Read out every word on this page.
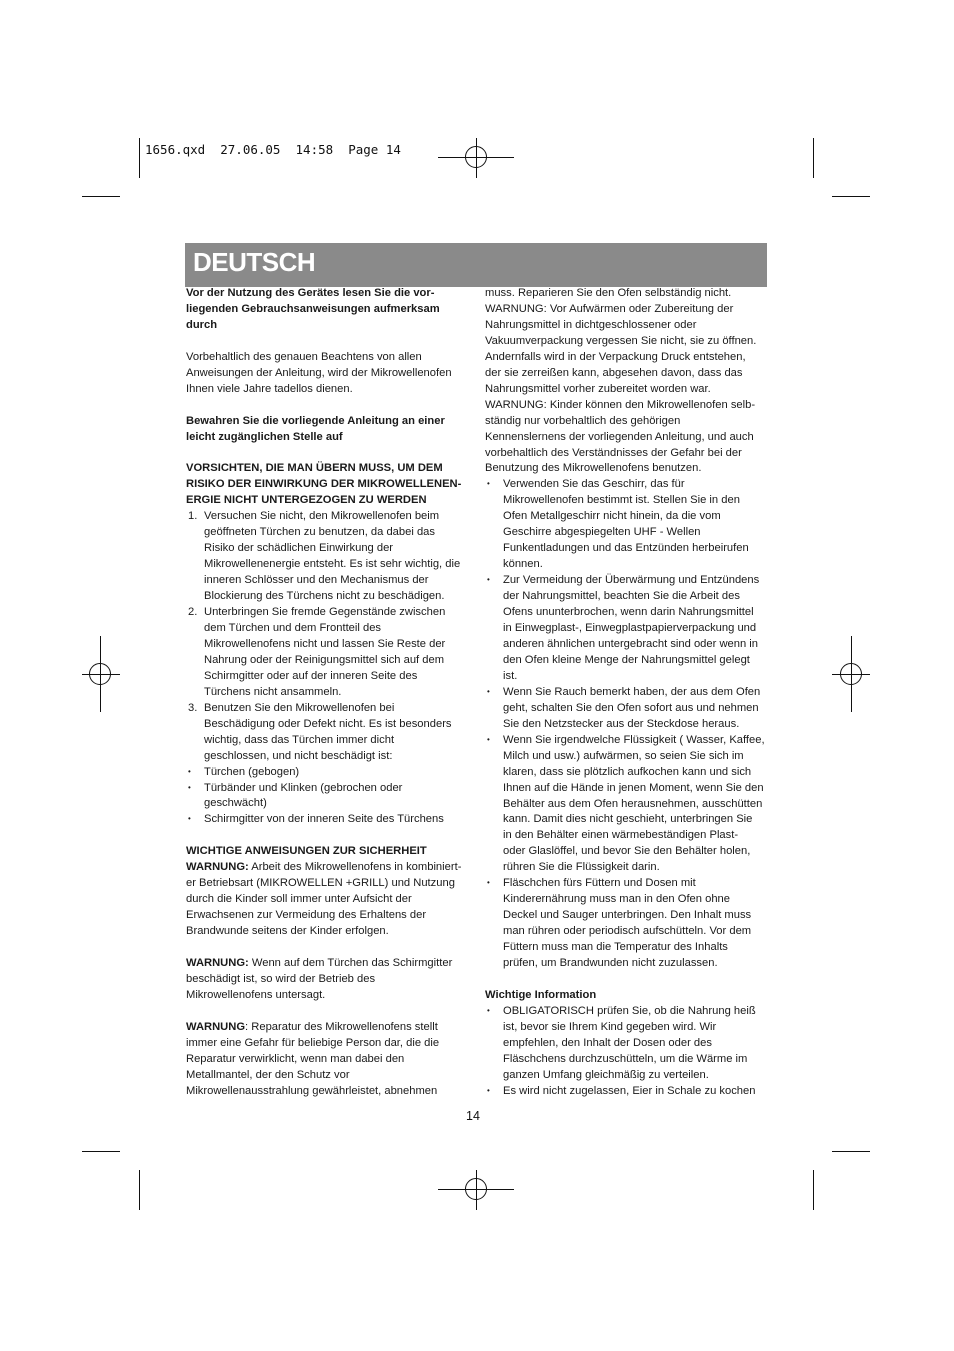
1656.qxd  27.06.05  14:58  Page 14
DEUTSCH

Vor der Nutzung des Gerätes lesen Sie die vor-

liegenden Gebrauchsanweisungen aufmerksam

durch

Vorbehaltlich des genauen Beachtens von allen

Anweisungen der Anleitung, wird der Mikrowellenofen

Ihnen viele Jahre tadellos dienen.

Bewahren Sie die vorliegende Anleitung an einer

leicht zugänglichen Stelle auf

VORSICHTEN, DIE MAN ÜBERN MUSS, UM DEM

RISIKO DER EINWIRKUNG DER MIKROWELLENEN-

ERGIE NICHT UNTERGEZOGEN ZU WERDEN

1. Versuchen Sie nicht, den Mikrowellenofen beim

geöffneten Türchen zu benutzen, da dabei das

Risiko der schädlichen Einwirkung der

Mikrowellenenergie entsteht. Es ist sehr wichtig, die

inneren Schlösser und den Mechanismus der

Blockierung des Türchens nicht zu beschädigen.

2. Unterbringen Sie fremde Gegenstände zwischen

dem Türchen und dem Frontteil des

Mikrowellenofens nicht und lassen Sie Reste der

Nahrung oder der Reinigungsmittel sich auf dem

Schirmgitter oder auf der inneren Seite des

Türchens nicht ansammeln.

3. Benutzen Sie den Mikrowellenofen bei

Beschädigung oder Defekt nicht. Es ist besonders

wichtig, dass das Türchen immer dicht

geschlossen, und nicht beschädigt ist:

• Türchen (gebogen)

• Türbänder und Klinken (gebrochen oder

geschwächt)

• Schirmgitter von der inneren Seite des Türchens

WICHTIGE ANWEISUNGEN ZUR SICHERHEIT

WARNUNG: Arbeit des Mikrowellenofens in kombiniert-

er Betriebsart (MIKROWELLEN +GRILL) und Nutzung

durch die Kinder soll immer unter Aufsicht der

Erwachsenen zur Vermeidung des Erhaltens der

Brandwunde seitens der Kinder erfolgen.

WARNUNG: Wenn auf dem Türchen das Schirmgitter

beschädigt ist, so wird der Betrieb des

Mikrowellenofens untersagt.

WARNUNG: Reparatur des Mikrowellenofens stellt

immer eine Gefahr für beliebige Person dar, die die

Reparatur verwirklicht, wenn man dabei den

Metallmantel, der den Schutz vor

Mikrowellenausstrahlung gewährleistet, abnehmen

muss. Reparieren Sie den Ofen selbständig nicht.

WARNUNG: Vor Aufwärmen oder Zubereitung der

Nahrungsmittel in dichtgeschlossener oder

Vakuumverpackung vergessen Sie nicht, sie zu öffnen.

Andernfalls wird in der Verpackung Druck entstehen,

der sie zerreißen kann, abgesehen davon, dass das

Nahrungsmittel vorher zubereitet worden war.

WARNUNG: Kinder können den Mikrowellenofen selb-

ständig nur vorbehaltlich des gehörigen

Kennenslernens der vorliegenden Anleitung, und auch

vorbehaltlich des Verständnisses der Gefahr bei der

Benutzung des Mikrowellenofens benutzen.

• Verwenden Sie das Geschirr, das für

Mikrowellenofen bestimmt ist. Stellen Sie in den

Ofen Metallgeschirr nicht hinein, da die vom

Geschirre abgespiegelten UHF - Wellen

Funkentladungen und das Entzünden herbeirufen

können.

• Zur Vermeidung der Überwärmung und Entzündens

der Nahrungsmittel, beachten Sie die Arbeit des

Ofens ununterbrochen, wenn darin Nahrungsmittel

in Einwegplast-, Einwegplastpapierverpackung und

anderen ähnlichen untergebracht sind oder wenn in

den Ofen kleine Menge der Nahrungsmittel gelegt

ist.

• Wenn Sie Rauch bemerkt haben, der aus dem Ofen

geht, schalten Sie den Ofen sofort aus und nehmen

Sie den Netzstecker aus der Steckdose heraus.

• Wenn Sie irgendwelche Flüssigkeit ( Wasser, Kaffee,

Milch und usw.) aufwärmen, so seien Sie sich im

klaren, dass sie plötzlich aufkochen kann und sich

Ihnen auf die Hände in jenen Moment, wenn Sie den

Behälter aus dem Ofen herausnehmen, ausschütten

kann. Damit dies nicht geschieht, unterbringen Sie

in den Behälter einen wärmebeständigen Plast-

oder Glaslöffel, und bevor Sie den Behälter holen,

rühren Sie die Flüssigkeit darin.

• Fläschchen fürs Füttern und Dosen mit

Kinderernährung muss man in den Ofen ohne

Deckel und Sauger unterbringen. Den Inhalt muss

man rühren oder periodisch aufschütteln. Vor dem

Füttern muss man die Temperatur des Inhalts

prüfen, um Brandwunden nicht zuzulassen.

Wichtige Information

• OBLIGATORISCH prüfen Sie, ob die Nahrung heiß

ist, bevor sie Ihrem Kind gegeben wird. Wir

empfehlen, den Inhalt der Dosen oder des

Fläschchens durchzuschütteln, um die Wärme im

ganzen Umfang gleichmäßig zu verteilen.

• Es wird nicht zugelassen, Eier in Schale zu kochen

14
